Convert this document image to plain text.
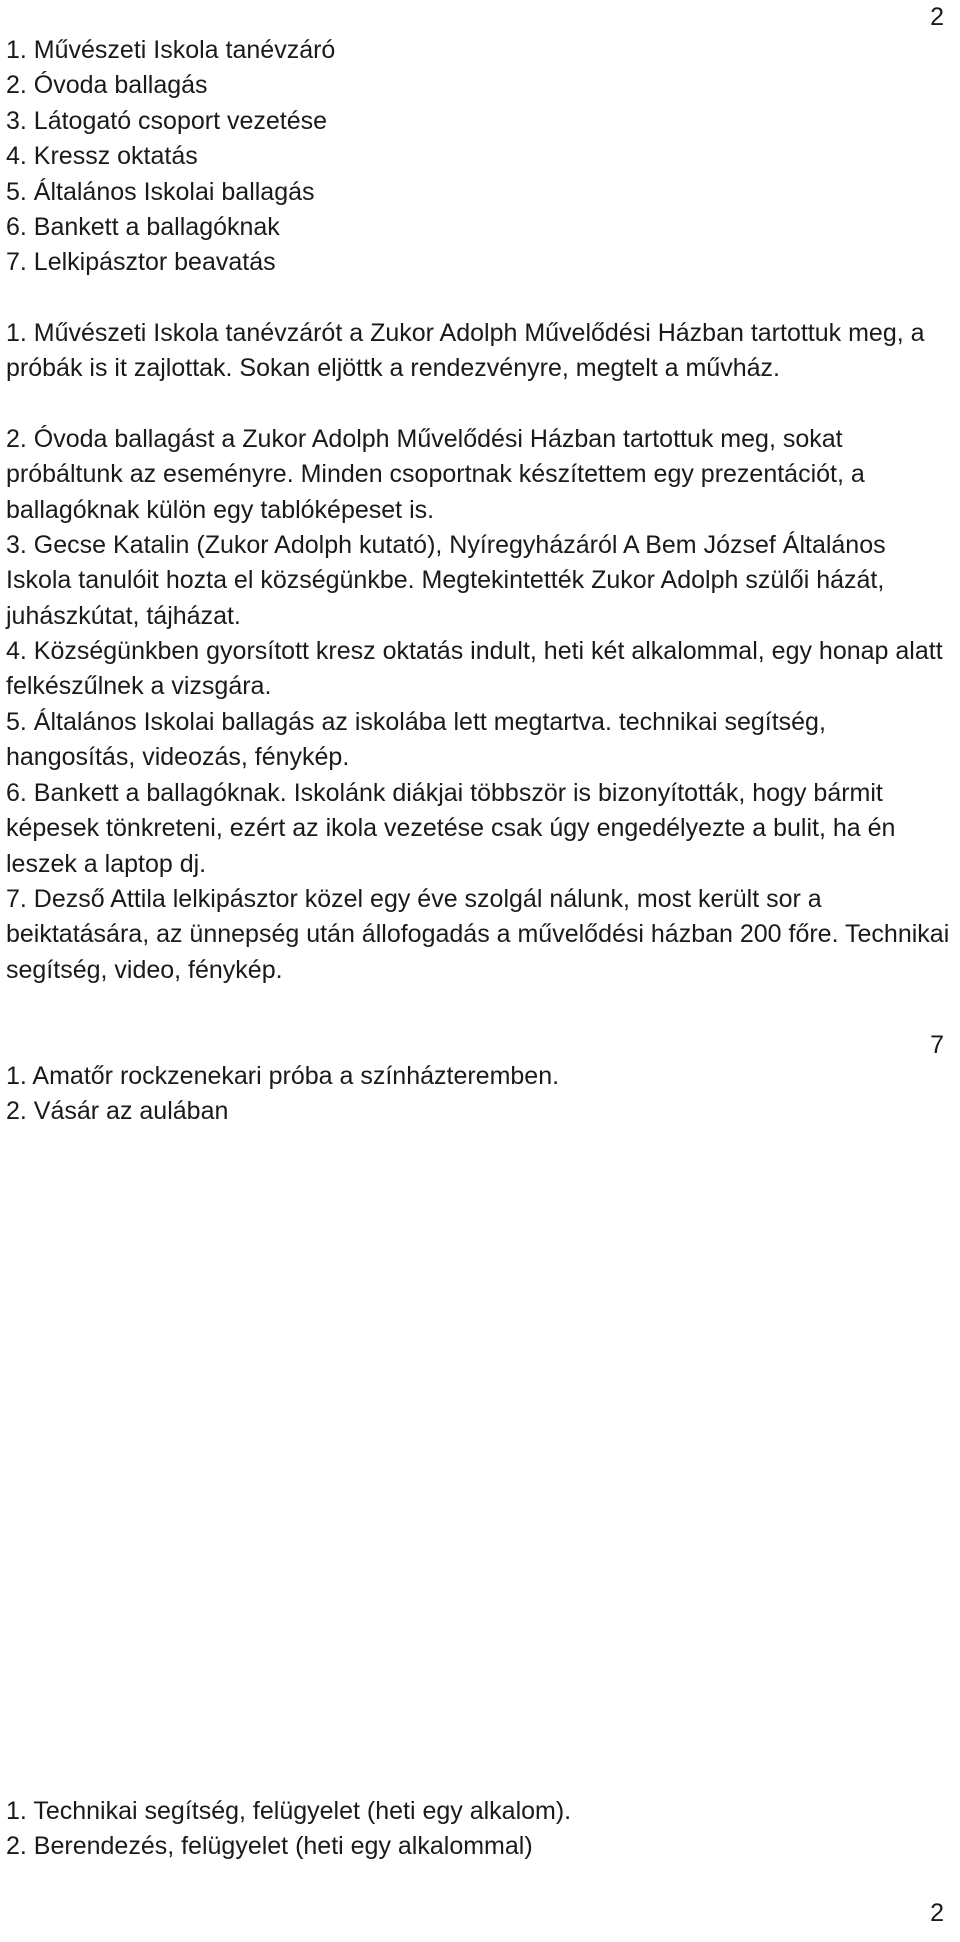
2

1. Művészeti Iskola tanévzáró

2. Óvoda ballagás

3. Látogató csoport vezetése

4. Kressz oktatás

5. Általános Iskolai ballagás

6. Bankett a ballagóknak

7. Lelkipásztor beavatás

1. Művészeti Iskola tanévzárót a Zukor Adolph Művelődési Házban tartottuk meg, a próbák is it zajlottak. Sokan eljöttk a rendezvényre, megtelt a művház.

2. Óvoda ballagást a Zukor Adolph Művelődési Házban tartottuk meg, sokat próbáltunk az eseményre. Minden csoportnak készítettem egy prezentációt, a ballagóknak külön egy tablóképeset is.

3. Gecse Katalin (Zukor Adolph kutató), Nyíregyházáról A Bem József Általános Iskola tanulóit hozta el községünkbe. Megtekintették Zukor Adolph szülői házát, juhászkútat, tájházat.

4. Községünkben gyorsított kresz oktatás indult, heti két alkalommal, egy honap alatt felkészűlnek a vizsgára.

5. Általános Iskolai ballagás az iskolába lett megtartva. technikai segítség, hangosítás, videozás, fénykép.

6. Bankett a ballagóknak. Iskolánk diákjai többször is bizonyították, hogy bármit képesek tönkreteni, ezért az ikola vezetése csak úgy engedélyezte a bulit, ha én leszek a laptop dj.

7. Dezső Attila lelkipásztor közel egy éve szolgál nálunk, most került sor a beiktatására, az ünnepség után állofogadás a művelődési házban 200 főre. Technikai segítség, video, fénykép.

7

1. Amatőr rockzenekari próba a színházteremben.

2. Vásár az aulában

1. Technikai segítség, felügyelet (heti egy alkalom).

2. Berendezés, felügyelet (heti egy alkalommal)

2
